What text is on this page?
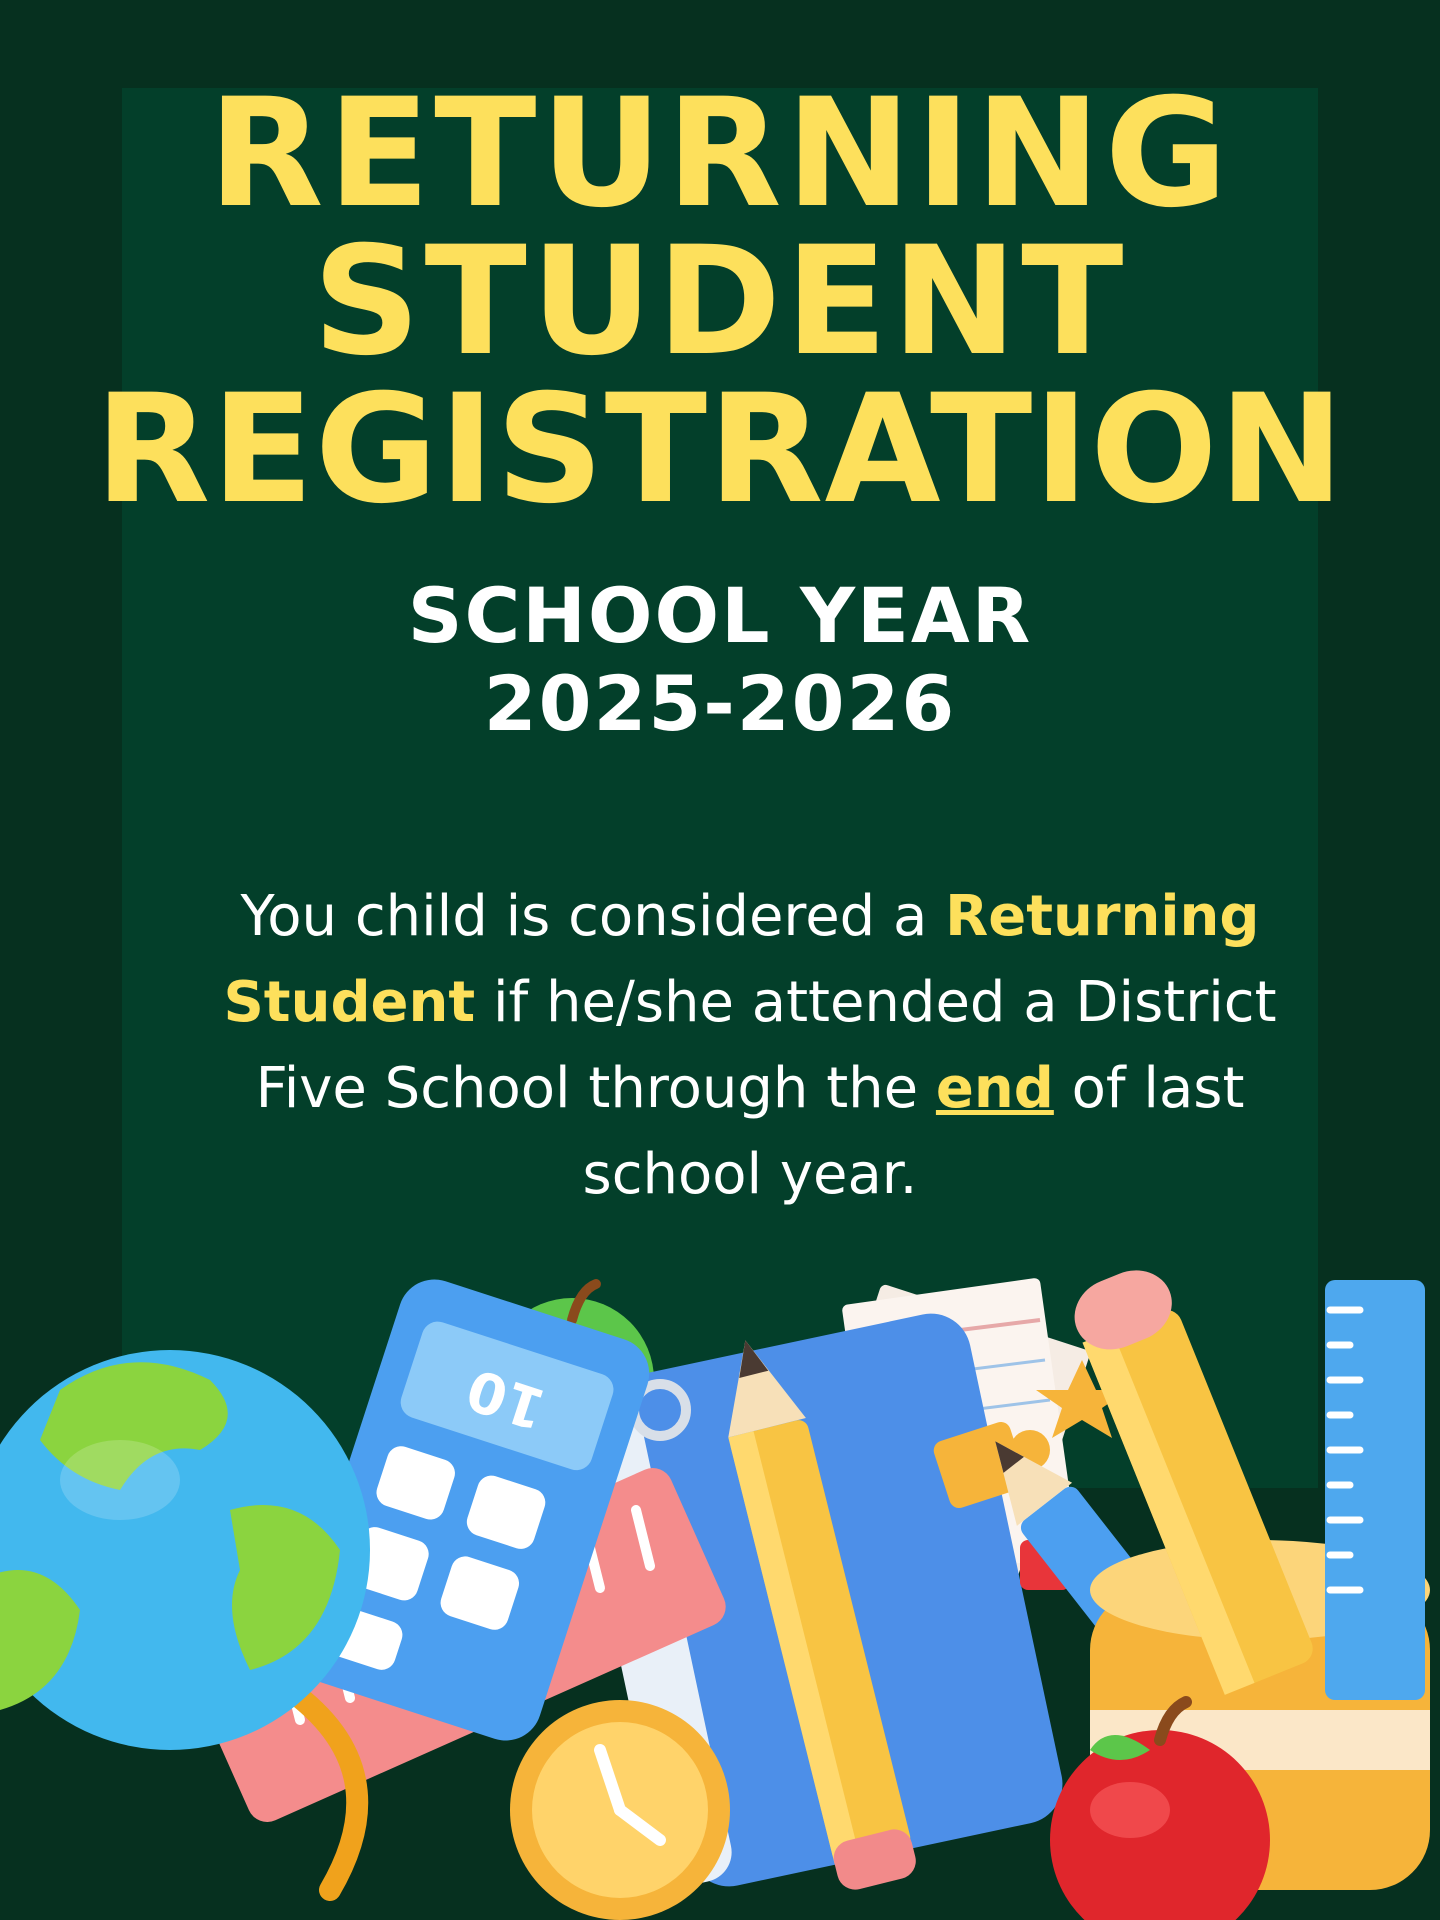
RETURNING
STUDENT
REGISTRATION
SCHOOL YEAR
2025-2026

You child is considered a Returning Student if he/she attended a District Five School through the end of last school year.

10
